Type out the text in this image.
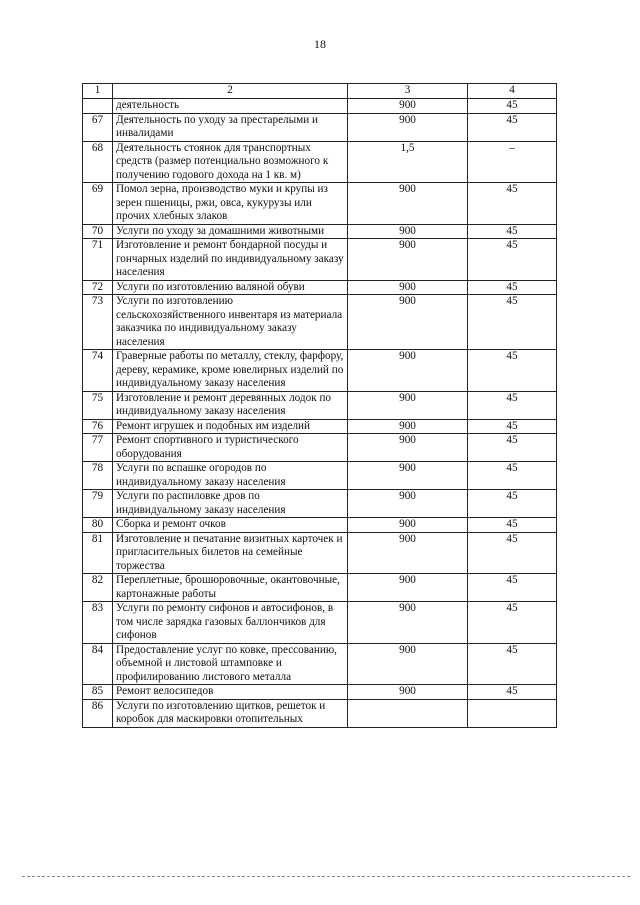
18
1	2	3	4
	деятельность	900	45
67	Деятельность по уходу за престарелыми и инвалидами	900	45
68	Деятельность стоянок для транспортных средств (размер потенциально возможного к получению годового дохода на 1 кв. м)	1,5	–
69	Помол зерна, производство муки и крупы из зерен пшеницы, ржи, овса, кукурузы или прочих хлебных злаков	900	45
70	Услуги по уходу за домашними животными	900	45
71	Изготовление и ремонт бондарной посуды и гончарных изделий по индивидуальному заказу населения	900	45
72	Услуги по изготовлению валяной обуви	900	45
73	Услуги по изготовлению сельскохозяйственного инвентаря из материала заказчика по индивидуальному заказу населения	900	45
74	Граверные работы по металлу, стеклу, фарфору, дереву, керамике, кроме ювелирных изделий по индивидуальному заказу населения	900	45
75	Изготовление и ремонт деревянных лодок по индивидуальному заказу населения	900	45
76	Ремонт игрушек и подобных им изделий	900	45
77	Ремонт спортивного и туристического оборудования	900	45
78	Услуги по вспашке огородов по индивидуальному заказу населения	900	45
79	Услуги по распиловке дров по индивидуальному заказу населения	900	45
80	Сборка и ремонт очков	900	45
81	Изготовление и печатание визитных карточек и пригласительных билетов на семейные торжества	900	45
82	Переплетные, брошюровочные, окантовочные, картонажные работы	900	45
83	Услуги по ремонту сифонов и автосифонов, в том числе зарядка газовых баллончиков для сифонов	900	45
84	Предоставление услуг по ковке, прессованию, объемной и листовой штамповке и профилированию листового металла	900	45
85	Ремонт велосипедов	900	45
86	Услуги по изготовлению щитков, решеток и коробок для маскировки отопительных		
